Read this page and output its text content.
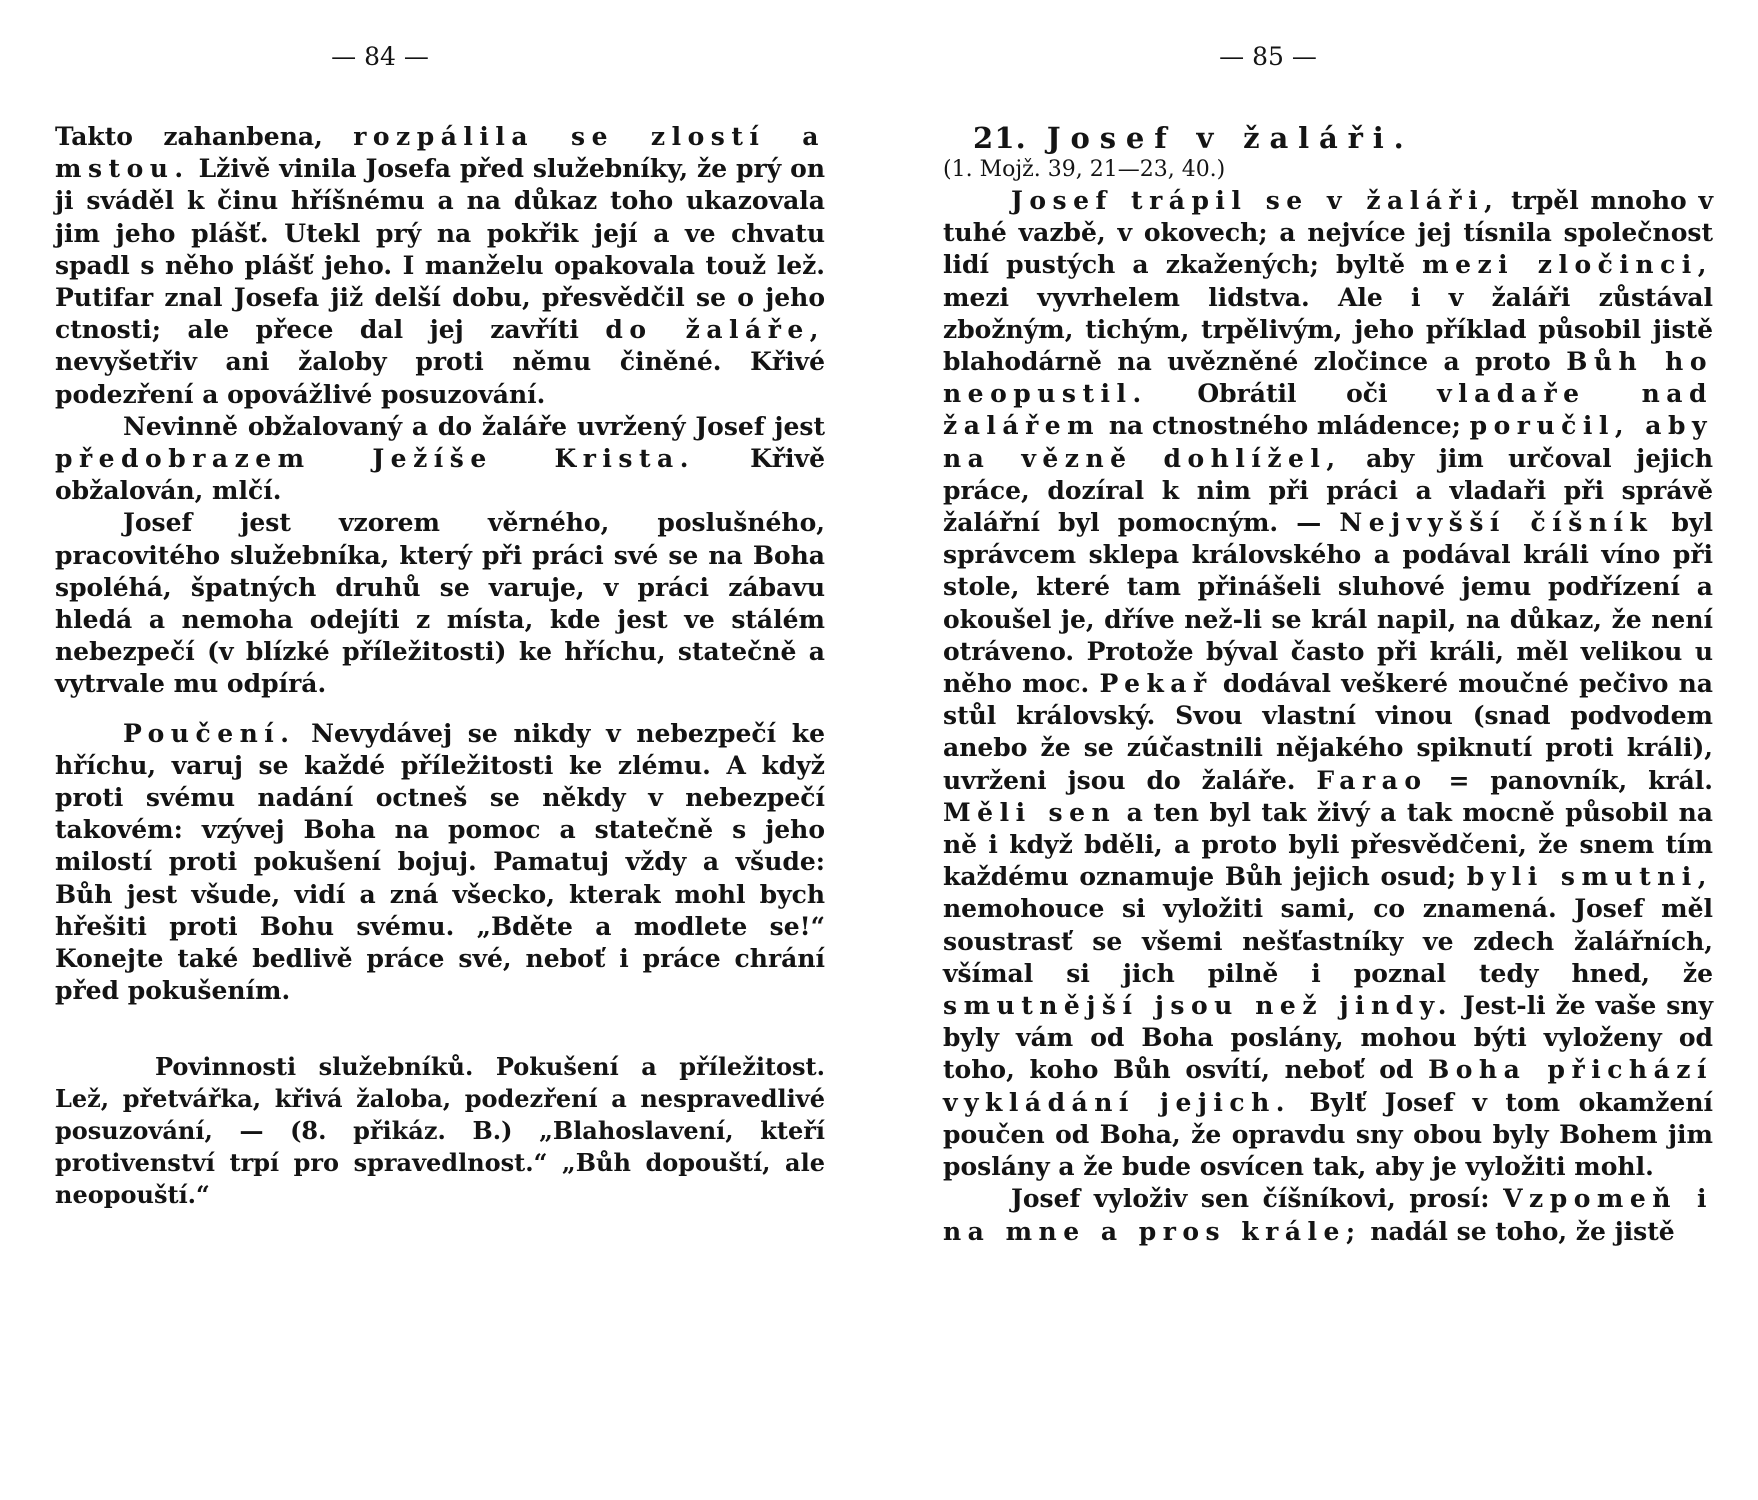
— 84 —

Takto zahanbena, rozpálila se zlostí a mstou. Lživě vinila Josefa před služebníky, že prý on ji sváděl k činu hříšnému a na důkaz toho ukazovala jim jeho plášť. Utekl prý na pokřik její a ve chvatu spadl s něho plášť jeho. I manželu opakovala touž lež. Putifar znal Josefa již delší dobu, přesvědčil se o jeho ctnosti; ale přece dal jej zavříti do žaláře, nevyšetřiv ani žaloby proti němu činěné. Křivé podezření a opovážlivé posuzování.

Nevinně obžalovaný a do žaláře uvržený Josef jest předobrazem Ježíše Krista. Křivě obžalován, mlčí.

Josef jest vzorem věrného, poslušného, pracovitého služebníka, který při práci své se na Boha spoléhá, špatných druhů se varuje, v práci zábavu hledá a nemoha odejíti z místa, kde jest ve stálém nebezpečí (v blízké příležitosti) ke hříchu, statečně a vytrvale mu odpírá.

Poučení. Nevydávej se nikdy v nebezpečí ke hříchu, varuj se každé příležitosti ke zlému. A když proti svému nadání octneš se někdy v nebezpečí takovém: vzývej Boha na pomoc a statečně s jeho milostí proti pokušení bojuj. Pamatuj vždy a všude: Bůh jest všude, vidí a zná všecko, kterak mohl bych hřešiti proti Bohu svému. „Bděte a modlete se!“ Konejte také bedlivě práce své, neboť i práce chrání před pokušením.

Povinnosti služebníků. Pokušení a příležitost. Lež, přetvářka, křivá žaloba, podezření a nespravedlivé posuzování, — (8. přikáz. B.) „Blahoslavení, kteří protivenství trpí pro spravedlnost.“ „Bůh dopouští, ale neopouští.“

— 85 —

21. Josef v žaláři.

(1. Mojž. 39, 21—23, 40.)

Josef trápil se v žaláři, trpěl mnoho v tuhé vazbě, v okovech; a nejvíce jej tísnila společnost lidí pustých a zkažených; byltě mezi zločinci, mezi vyvrhelem lidstva. Ale i v žaláři zůstával zbožným, tichým, trpělivým, jeho příklad působil jistě blahodárně na uvězněné zločince a proto Bůh ho neopustil. Obrátil oči vladaře nad žalářem na ctnostného mládence; poručil, aby na vězně dohlížel, aby jim určoval jejich práce, dozíral k nim při práci a vladaři při správě žalářní byl pomocným. — Nejvyšší číšník byl správcem sklepa královského a podával králi víno při stole, které tam přinášeli sluhové jemu podřízení a okoušel je, dříve než-li se král napil, na důkaz, že není otráveno. Protože býval často při králi, měl velikou u něho moc. Pekař dodával veškeré moučné pečivo na stůl královský. Svou vlastní vinou (snad podvodem anebo že se zúčastnili nějakého spiknutí proti králi), uvrženi jsou do žaláře. Farao = panovník, král. Měli sen a ten byl tak živý a tak mocně působil na ně i když bděli, a proto byli přesvědčeni, že snem tím každému oznamuje Bůh jejich osud; byli smutni, nemohouce si vyložiti sami, co znamená. Josef měl soustrasť se všemi nešťastníky ve zdech žalářních, všímal si jich pilně i poznal tedy hned, že smutnější jsou než jindy. Jest-li že vaše sny byly vám od Boha poslány, mohou býti vyloženy od toho, koho Bůh osvítí, neboť od Boha přichází vykládání jejich. Bylť Josef v tom okamžení poučen od Boha, že opravdu sny obou byly Bohem jim poslány a že bude osvícen tak, aby je vyložiti mohl.

Josef vyloživ sen číšníkovi, prosí: Vzpomeň i na mne a pros krále; nadál se toho, že jistě
